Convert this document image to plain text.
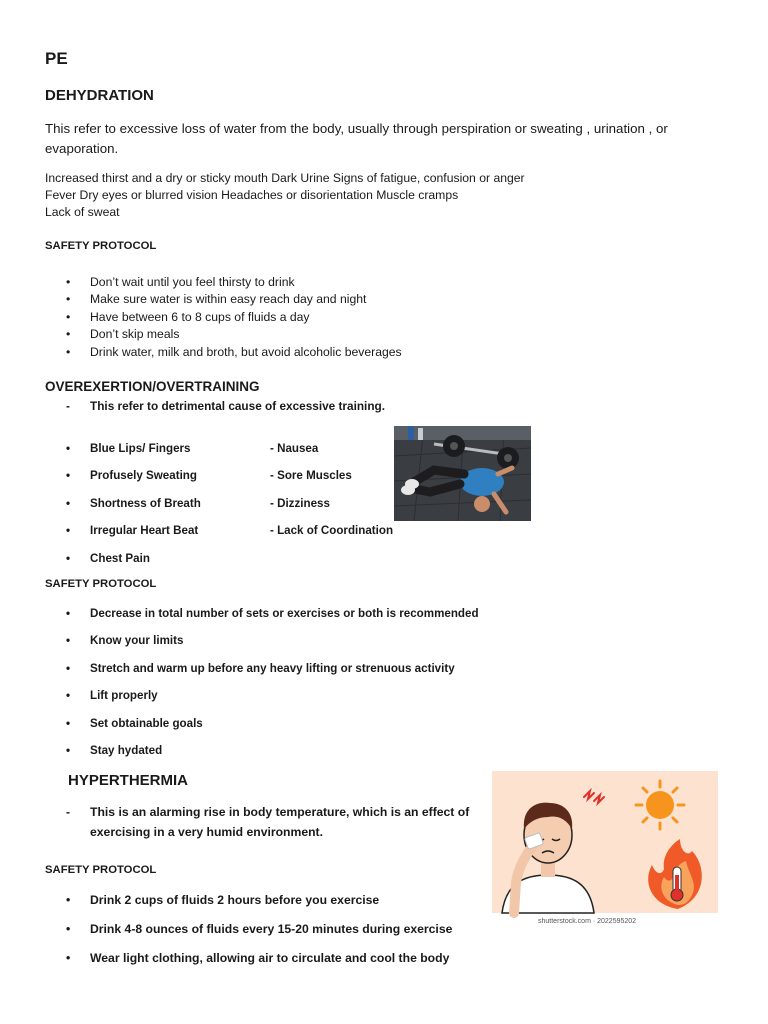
PE
DEHYDRATION

This refer to excessive loss of water from the body, usually through perspiration or sweating , urination , or evaporation.

Increased thirst and a dry or sticky mouth Dark Urine Signs of fatigue, confusion or anger
Fever Dry eyes or blurred vision Headaches or disorientation Muscle cramps
Lack of sweat
SAFETY PROTOCOL
• Don’t wait until you feel thirsty to drink
• Make sure water is within easy reach day and night
• Have between 6 to 8 cups of fluids a day
• Don’t skip meals
• Drink water, milk and broth, but avoid alcoholic beverages
OVEREXERTION/OVERTRAINING
- This refer to detrimental cause of excessive training.
• Blue Lips/ Fingers	- Nausea
• Profusely Sweating	- Sore Muscles
• Shortness of Breath	- Dizziness
• Irregular Heart Beat	- Lack of Coordination
• Chest Pain
SAFETY PROTOCOL
• Decrease in total number of sets or exercises or both is recommended
• Know your limits
• Stretch and warm up before any heavy lifting or strenuous activity
• Lift properly
• Set obtainable goals
• Stay hydated
HYPERTHERMIA
- This is an alarming rise in body temperature, which is an effect of exercising in a very humid environment.
shutterstock.com · 2022595202
SAFETY PROTOCOL
• Drink 2 cups of fluids 2 hours before you exercise
• Drink 4-8 ounces of fluids every 15-20 minutes during exercise
• Wear light clothing, allowing air to circulate and cool the body
